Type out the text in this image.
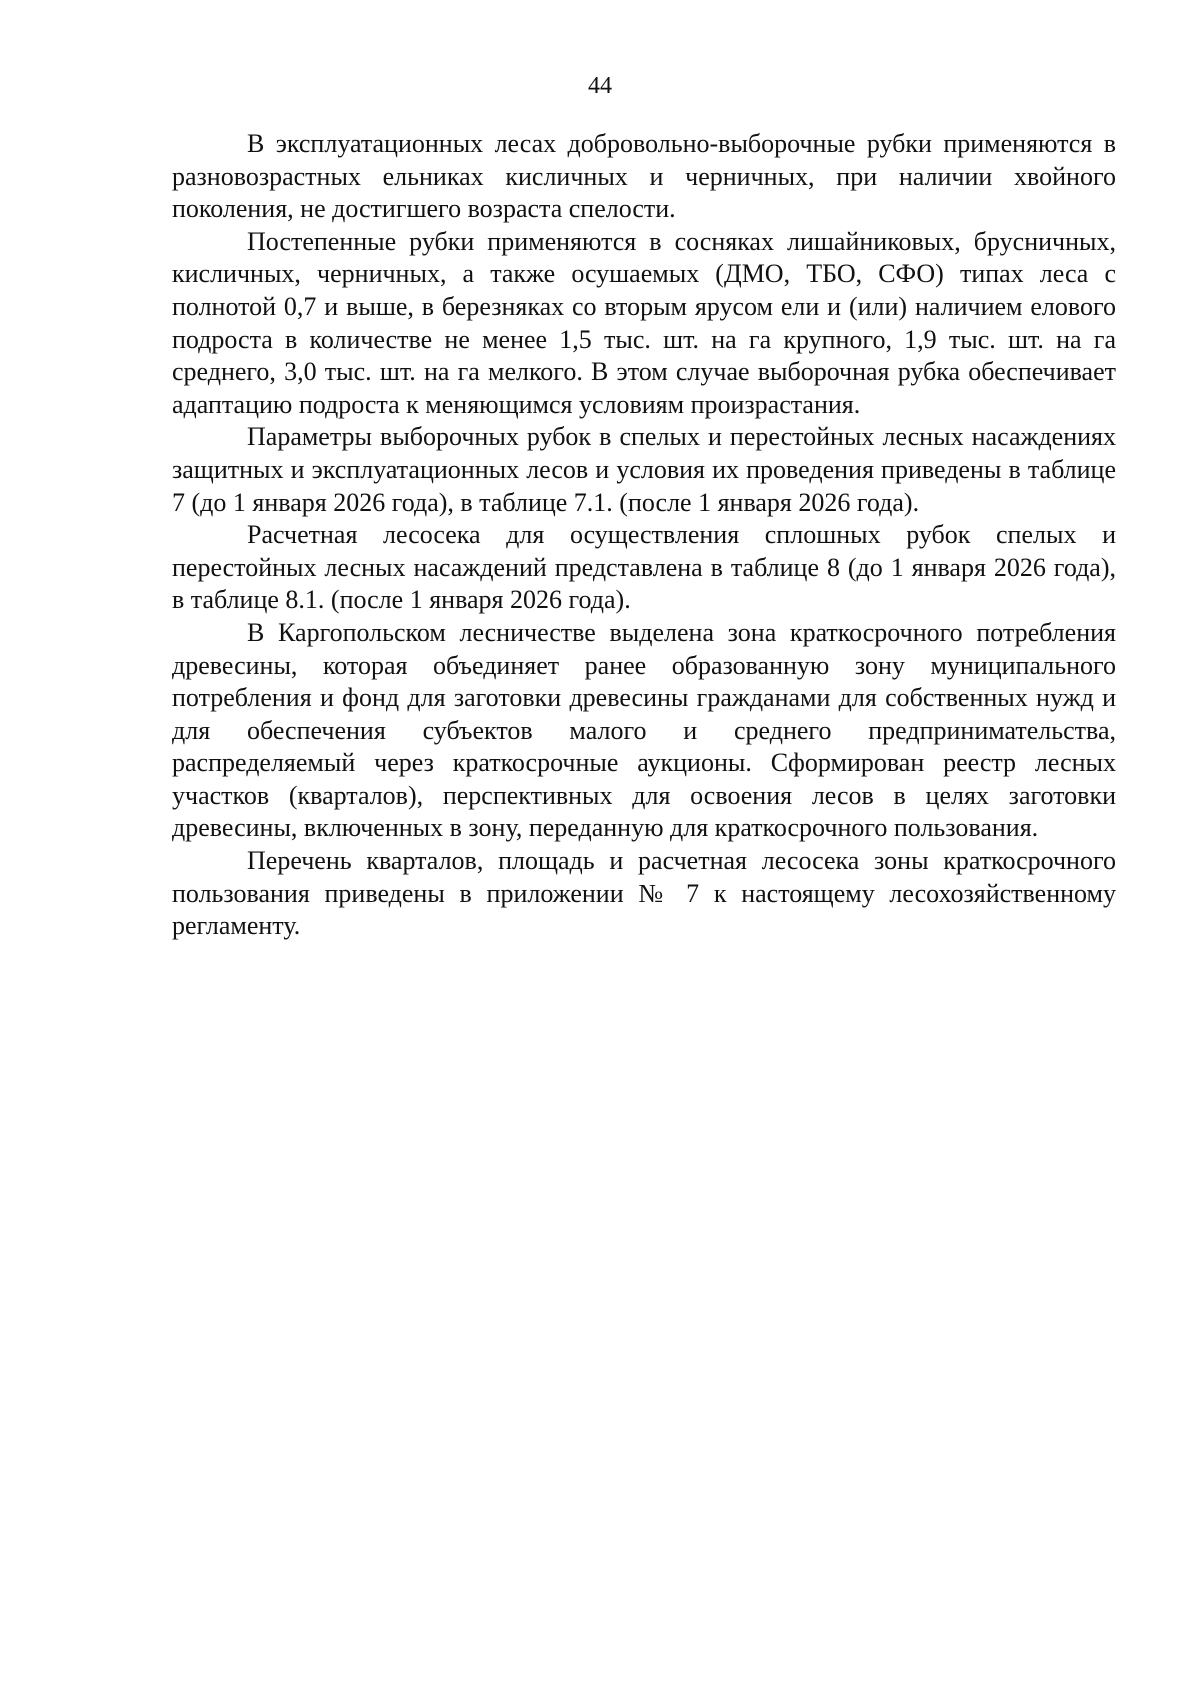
44

В эксплуатационных лесах добровольно-выборочные рубки применяются в разновозрастных ельниках кисличных и черничных, при наличии хвойного поколения, не достигшего возраста спелости.

Постепенные рубки применяются в сосняках лишайниковых, брусничных, кисличных, черничных, а также осушаемых (ДМО, ТБО, СФО) типах леса с полнотой 0,7 и выше, в березняках со вторым ярусом ели и (или) наличием елового подроста в количестве не менее 1,5 тыс. шт. на га крупного, 1,9 тыс. шт. на га среднего, 3,0 тыс. шт. на га мелкого. В этом случае выборочная рубка обеспечивает адаптацию подроста к меняющимся условиям произрастания.

Параметры выборочных рубок в спелых и перестойных лесных насаждениях защитных и эксплуатационных лесов и условия их проведения приведены в таблице 7 (до 1 января 2026 года), в таблице 7.1. (после 1 января 2026 года).

Расчетная лесосека для осуществления сплошных рубок спелых и перестойных лесных насаждений представлена в таблице 8 (до 1 января 2026 года), в таблице 8.1. (после 1 января 2026 года).

В Каргопольском лесничестве выделена зона краткосрочного потребления древесины, которая объединяет ранее образованную зону муниципального потребления и фонд для заготовки древесины гражданами для собственных нужд и для обеспечения субъектов малого и среднего предпринимательства, распределяемый через краткосрочные аукционы. Сформирован реестр лесных участков (кварталов), перспективных для освоения лесов в целях заготовки древесины, включенных в зону, переданную для краткосрочного пользования.

Перечень кварталов, площадь и расчетная лесосека зоны краткосрочного пользования приведены в приложении № 7 к настоящему лесохозяйственному регламенту.
